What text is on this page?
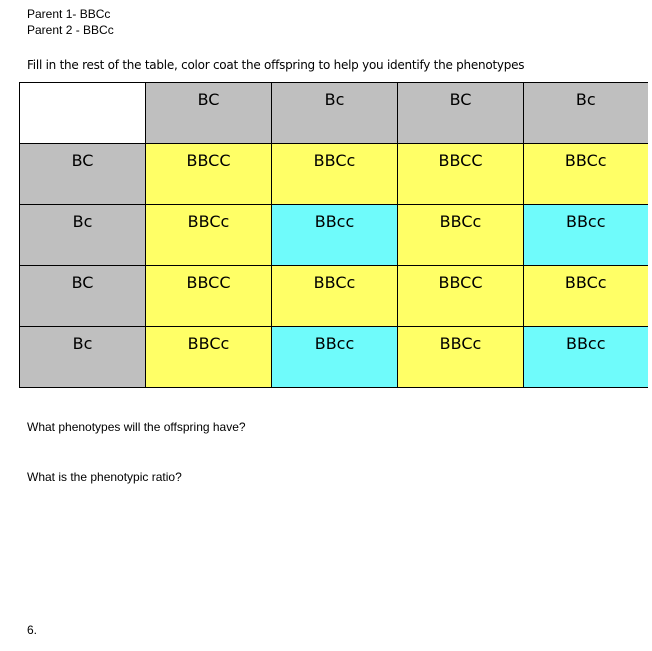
Parent 1- BBCc
Parent 2 - BBCc
Fill in the rest of the table, color coat the offspring to help you identify the phenotypes

	BC	Bc	BC	Bc

BC	BBCC	BBCc	BBCC	BBCc

Bc	BBCc	BBcc	BBCc	BBcc

BC	BBCC	BBCc	BBCC	BBCc

Bc	BBCc	BBcc	BBCc	BBcc
What phenotypes will the offspring have?
What is the phenotypic ratio?
6.
